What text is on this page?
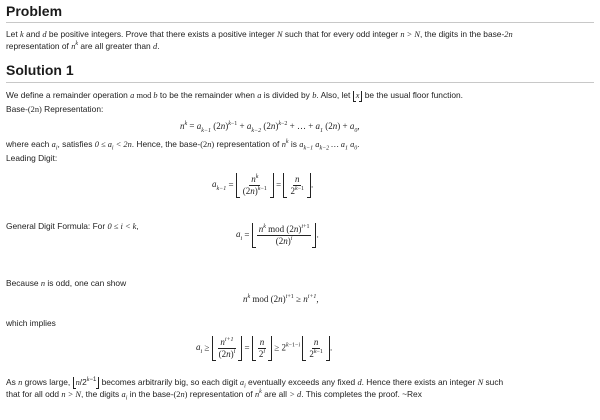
Problem
Let k and d be positive integers. Prove that there exists a positive integer N such that for every odd integer n > N, the digits in the base-2n
representation of $n^k$ are all greater than d.
Solution 1
We define a remainder operation a mod b to be the remainder when a is divided by b. Also, let x be the usual floor function.
Base-(2n) Representation:
$n^k = a_{k-1}$ $(2n)^{k-1} + a_{k-2}$ $(2n)^{k-2}$ + … + $a_1$ $(2n) + a_0$,
where each $a_i$, satisfies $0 \le a_i < 2n$. Hence, the base-(2n) representation of $n^k$ is $a_{k-1}$ $a_{k-2}$ … $a_1$ $a_0$.
Leading Digit:
$a_{k-1} = \frac{n^k}{(2n)^{k-1}} = \frac{n}{2^{k-1}}$ .
General Digit Formula: For 0 ≤ i < k,
$a_i = \frac{n^k mod (2n)^{i+1}}{(2n)^i}$ .
Because n is odd, one can show
$n^k$ mod $(2n)^{i+1} \ge n^{i+1}$,
which implies
$a_i \ge \frac{n^{i+1}}{(2n)^i} = \frac{n}{2^i} \ge 2^{k-1-i} \frac{n}{2^{k-1}}$ .
As n grows large, $n/2^{k-1}$ becomes arbitrarily big, so each digit $a_i$ eventually exceeds any fixed d. Hence there exists an integer N such
that for all odd n > N, the digits $a_i$ in the base-(2n) representation of $n^k$ are all > d. This completes the proof. ~Rex
